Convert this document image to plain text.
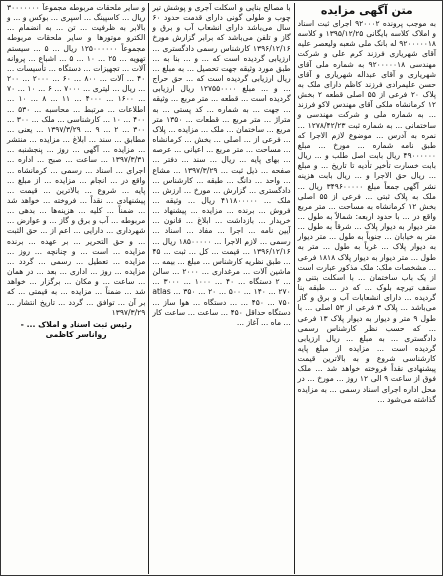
متن آگهی مزایده

به موجب پرونده ۹۲۰۰۰۲ اجرای ثبت اسناد و املاک کلاسه بایگانی ۱۳۹۵/۱۲/۲۵ و کلاسه ۹۲۰۰۰۰۰۱۸ له بانک ملی شعبه ولیعصر علیه آقای شهریاری فرزند کرم علی و شرکت مهندسی ۹۲۰۰۰۰۰۱۸ به شماره ملی آقای شهریاری و آقای عبداله شهریاری و آقای حسن علیمرادی فرزند کاظم دارای ملک به پلاک ۲۰ فرعی از ۵۵ اصلی قطعه ۲ بخش ۱۲ کرمانشاه ملکی آقای مهندس لاکو فرزند ... به شماره ملی و شرکت مهندسی و ساختمانی ... به شماره ثبت ۱۲۷۸/۴۲/۲۳ ... نمره به آدرس ... موضوع لازم الاجرا که طبق نامه شماره ... مورخ ... مبلغ ۴۹۰۰۰۰۰۰ ریال بابت اصل طلب و ... ریال بابت خسارت تأخیر تأدیه تا تاریخ ... و مبلغ ... ریال حق الاجرا و ... ریال بابت هزینه نشر آگهی جمعاً مبلغ ۳۴۹۶۰۰۰۰۰ ریال ... ملک به پلاک ثبتی ... فرعی از ۵۵ اصلی بخش ۱۲ کرمانشاه به مساحت ... متر مربع واقع در ... با حدود اربعه: شمالاً به طول ... متر دیوار به دیوار پلاک ... شرقاً به طول ... متر به خیابان ... جنوباً به طول ... متر دیوار به دیوار پلاک ... غرباً به طول ... متر به طول ... متر دیوار به دیوار پلاک ۱۸۱۸ فرعی ... مشخصات ملک: ملک مذکور عبارت است از یک باب ساختمان ... با اسکلت بتنی و سقف تیرچه بلوک ... که در ... طبقه بنا گردیده ... دارای انشعابات آب و برق و گاز می‌باشد ... پلاک ۳ فرعی از ۵۳ اصلی ... با طول ۹ متر و دیوار به دیوار پلاک ۱۳ فرعی ... که حسب نظر کارشناس رسمی دادگستری ... به مبلغ ... ریال ارزیابی گردیده است ... مزایده از مبلغ پایه کارشناسی شروع و به بالاترین قیمت پیشنهادی نقداً فروخته خواهد شد ... ملک فوق از ساعت ۹ الی ۱۲ روز ... مورخ ... در محل اداره اجرای اسناد رسمی ... به مزایده گذاشته می‌شود ...

با مصالح بنایی و اسکلت آجری و پوشش تیر چوب و طولی گونی دارای قدمت حدود ۶۰ سال می‌باشد دارای انشعاب آب و برق و گاز و تلفن می‌باشد که برابر گزارش مورخ ۱۳۹۶/۱۲/۱۶ کارشناس رسمی دادگستری ... ارزیابی گردیده است که ... و ... بنا به ... طبق مورد وثیقه جهت تحصیل ... به مبلغ ... ریال ارزیابی گردیده است که ... حق حراج ... و ... مبلغ ۱۲۷۵۵۰۰۰۰ ریال ارزیابی گردیده است ... قطعه ... متر مربع ... وثیقه ... جهت ... به شماره ... کد پستی ... به متراژ ... متر مربع ... قطعات ... ۱۳۵۰ متر مربع ... ساختمان ... ملک ... مزایده ... پلاک ... فرعی از ... اصلی ... بخش ... کرمانشاه ... مساحت ... متر مربع ... اعیانی ... عرصه ... بهای پایه ... ریال ... سند ... دفتر ... صفحه ... ذیل ثبت ... ۱۳۹۷/۳/۲۹ ... مشاع ... واحد ... دانگ ... طبقه ... کارشناس ... دادگستری ... گزارش ... مورخ ... ارزش ... ملک ... ۴۱۱۸۰۰۰۰۰ ریال ... وثیقه ... فروش ... برنده ... مزایده ... پیشنهاد ... خریدار ... بازداشت ... ابلاغ ... قانون ... آیین نامه ... اجرا ... مفاد ... اسناد ... رسمی ... لازم الاجرا ... ۱۸۵۰۰۰۰۰ ریال ... ۱۳۹۶/۱۲/۱۶ ... قیمت ... کل ... ثبت ... ۴۵ ... طبق نظریه کارشناس ... مبلغ ... بیمه ... ماشین آلات ... مرغداری ... ۲۰۰۰ ... سالن ... ۲ دستگاه ... ۴۰ ... ۱۰۰۰ ... ۳۰۰۰ ... ۲۷۰ ... ۱۴۰ ... ۵۰۰ ... ۲۰ ... atlas ... ۳۵۰ ... ۴۵۰ ... ۷۵۰ ... دستگاه ... هوا ساز ... دستگاه حداقل ۴۵۰ ... ساعت ... ساعت کار ... ماه ... آغاز ...

و سایر ملحقات مربوطه مجموعاً ۳۰۰۰۰۰۰۰ ریال ... کاسپینگ ... اسپری ... بوکس و ... و بالابر به ظرفیت ... تن ... به انضمام ... الکترو موتورها و سایر ملحقات مربوطه مجموعاً ۱۲۵۰۰۰۰۰۰ ریال ... ۵ ... سیستم تهویه ... ۲۵ ... ۱۰ ... ۵ ... اشباع ... پروانه آلات ... تجهیزات ... دستگاه ... تأسیسات ... ۴۰ ... آلات ... ۸۰۰ ... ۶۰ ... ۲۰۰۰ ... ۲۰۰ ... ریال ... لیتری ... ۷۰۰۰ ... ۶ ... ۱۰ ... ۷۰ ... ۱۶۰۰ ... ۴۰۰۰ ... ۱۱ ... ۸ ... ۱۰ ... اطلاعات ... مرتبط ... محاسبه ... ۵۳۰ ... ۴۰۰ ... ۱۰ ... کارشناسی ... ملک ... ۳۰۰ ... ۳۰۰ ... ۲ ... ۹ ... ۱۳۹۷/۳/۲۹ ... یعنی ... مطابق ... سند ... ابلاغ ... مزایده ... منتشر ... مزایده ... آگهی ... روز ... پنجشنبه ... ۱۳۹۷/۳/۳۱ ... ساعت ... صبح ... اداره ... اجرای ... اسناد ... رسمی ... کرمانشاه ... واقع در ... انجام ... مزایده ... از مبلغ ... پایه ... شروع ... بالاترین ... قیمت ... پیشنهادی ... نقداً ... فروخته ... خواهد شد ... ضمناً ... کلیه ... هزینه‌ها ... بدهی ... مربوطه ... آب و برق و گاز ... و عوارض ... شهرداری ... دارایی ... اعم از ... حق الثبت ... و حق التحریر ... بر عهده ... برنده مزایده ... است ... و چنانچه ... روز ... مزایده ... تعطیل ... رسمی ... گردد ... مزایده ... روز ... اداری ... بعد ... در همان ... ساعت ... و مکان ... برگزار ... خواهد شد ... ضمناً ... مزایده ... به قیمتی ... که بر آن ... توافق ... گردد ... تاریخ انتشار ... ۱۳۹۷/۳/۲۹

رئیس ثبت اسناد و املاک ... - رواناسر کاظمی
